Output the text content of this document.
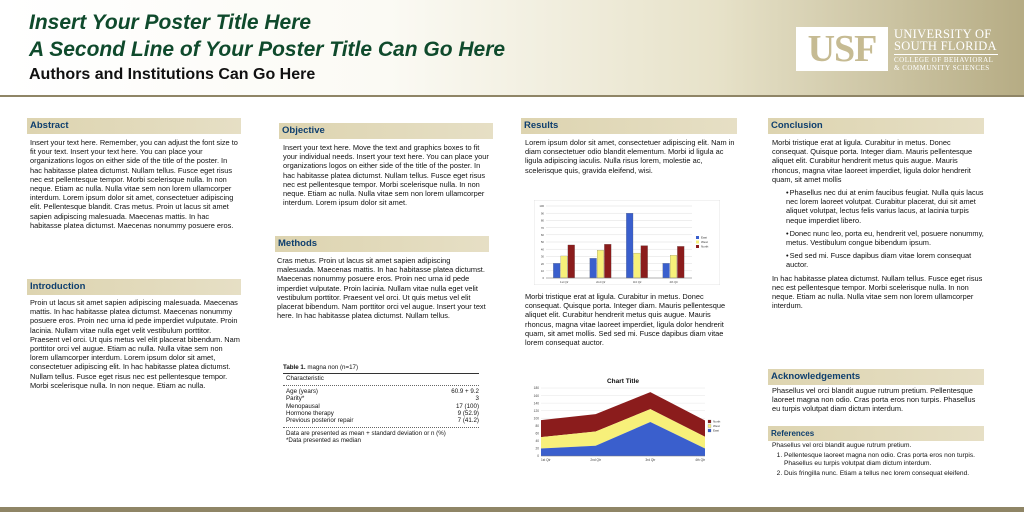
Insert Your Poster Title Here
A Second Line of Your Poster Title Can Go Here
Authors and Institutions Can Go Here
USF	UNIVERSITY OF
SOUTH FLORIDA
COLLEGE OF BEHAVIORAL
& COMMUNITY SCIENCES
Abstract

Insert your text here. Remember, you can adjust the font size to fit your text. Insert your text here. You can place your organizations logos on either side of the title of the poster. In hac habitasse platea dictumst. Nullam tellus. Fusce eget risus nec est pellentesque tempor. Morbi scelerisque nulla. In non neque. Etiam ac nulla. Nulla vitae sem non lorem ullamcorper interdum. Lorem ipsum dolor sit amet, consectetuer adipiscing elit. Pellentesque blandit. Cras metus. Proin ut lacus sit amet sapien adipiscing malesuada. Maecenas mattis. In hac habitasse platea dictumst. Maecenas nonummy posuere eros.

Introduction

Proin ut lacus sit amet sapien adipiscing malesuada. Maecenas mattis. In hac habitasse platea dictumst. Maecenas nonummy posuere eros. Proin nec urna id pede imperdiet vulputate. Proin lacinia. Nullam vitae nulla eget velit vestibulum porttitor. Praesent vel orci. Ut quis metus vel elit placerat bibendum. Nam porttitor orci vel augue. Etiam ac nulla. Nulla vitae sem non lorem ullamcorper interdum. Lorem ipsum dolor sit amet, consectetuer adipiscing elit. In hac habitasse platea dictumst. Nullam tellus. Fusce eget risus nec est pellentesque tempor. Morbi scelerisque nulla. In non neque. Etiam ac nulla.

Objective

Insert your text here. Move the text and graphics boxes to fit your individual needs. Insert your text here. You can place your organizations logos on either side of the title of the poster. In hac habitasse platea dictumst. Nullam tellus. Fusce eget risus nec est pellentesque tempor. Morbi scelerisque nulla. In non neque. Etiam ac nulla. Nulla vitae sem non lorem ullamcorper interdum. Lorem ipsum dolor sit amet.

Methods

Cras metus. Proin ut lacus sit amet sapien adipiscing malesuada. Maecenas mattis. In hac habitasse platea dictumst. Maecenas nonummy posuere eros. Proin nec urna id pede imperdiet vulputate. Proin lacinia. Nullam vitae nulla eget velit vestibulum porttitor. Praesent vel orci. Ut quis metus vel elit placerat bibendum. Nam porttitor orci vel augue. Insert your text here. In hac habitasse platea dictumst. Nullam tellus.

Table 1. magna non (n=17)
Characteristic
Age (years)	60.9 + 9.2
Parity*	3
Menopausal	17 (100)
Hormone therapy	9 (52.9)
Previous posterior repair	7 (41.2)
Data are presented as mean + standard deviation or n (%)
*Data presented as median
Results

Lorem ipsum dolor sit amet, consectetuer adipiscing elit. Nam in diam consectetuer odio blandit elementum. Morbi id ligula ac ligula adipiscing iaculis. Nulla risus lorem, molestie ac, scelerisque quis, gravida eleifend, wisi.

0
10
20
30
40
50
60
70
80
90
100
1st Qtr	2nd Qtr	3rd Qtr	4th Qtr
East
West
North

Morbi tristique erat at ligula. Curabitur in metus. Donec consequat. Quisque porta. Integer diam. Mauris pellentesque aliquet elit. Curabitur hendrerit metus quis augue. Mauris rhoncus, magna vitae laoreet imperdiet, ligula dolor hendrerit quam, sit amet mollis. Sed sed mi. Fusce dapibus diam vitae lorem consequat auctor.

Chart Title
0
20
40
60
80
100
120
140
160
180
1st Qtr	2nd Qtr	3rd Qtr	4th Qtr
North
West
East
Conclusion

Morbi tristique erat at ligula. Curabitur in metus. Donec consequat. Quisque porta. Integer diam. Mauris pellentesque aliquet elit. Curabitur hendrerit metus quis augue. Mauris rhoncus, magna vitae laoreet imperdiet, ligula dolor hendrerit quam, sit amet mollis

• Phasellus nec dui at enim faucibus feugiat. Nulla quis lacus nec lorem laoreet volutpat. Curabitur placerat, dui sit amet aliquet volutpat, lectus felis varius lacus, at lacinia turpis neque imperdiet libero.
• Donec nunc leo, porta eu, hendrerit vel, posuere nonummy, metus. Vestibulum congue bibendum ipsum.
• Sed sed mi. Fusce dapibus diam vitae lorem consequat auctor.

In hac habitasse platea dictumst. Nullam tellus. Fusce eget risus nec est pellentesque tempor. Morbi scelerisque nulla. In non neque. Etiam ac nulla. Nulla vitae sem non lorem ullamcorper interdum.

Acknowledgements

Phasellus vel orci blandit augue rutrum pretium. Pellentesque laoreet magna non odio. Cras porta eros non turpis. Phasellus eu turpis volutpat diam dictum interdum.

References

Phasellus vel orci blandit augue rutrum pretium.

1. Pellentesque laoreet magna non odio. Cras porta eros non turpis. Phasellus eu turpis volutpat diam dictum interdum.
2. Duis fringilla nunc. Etiam a tellus nec lorem consequat eleifend.
